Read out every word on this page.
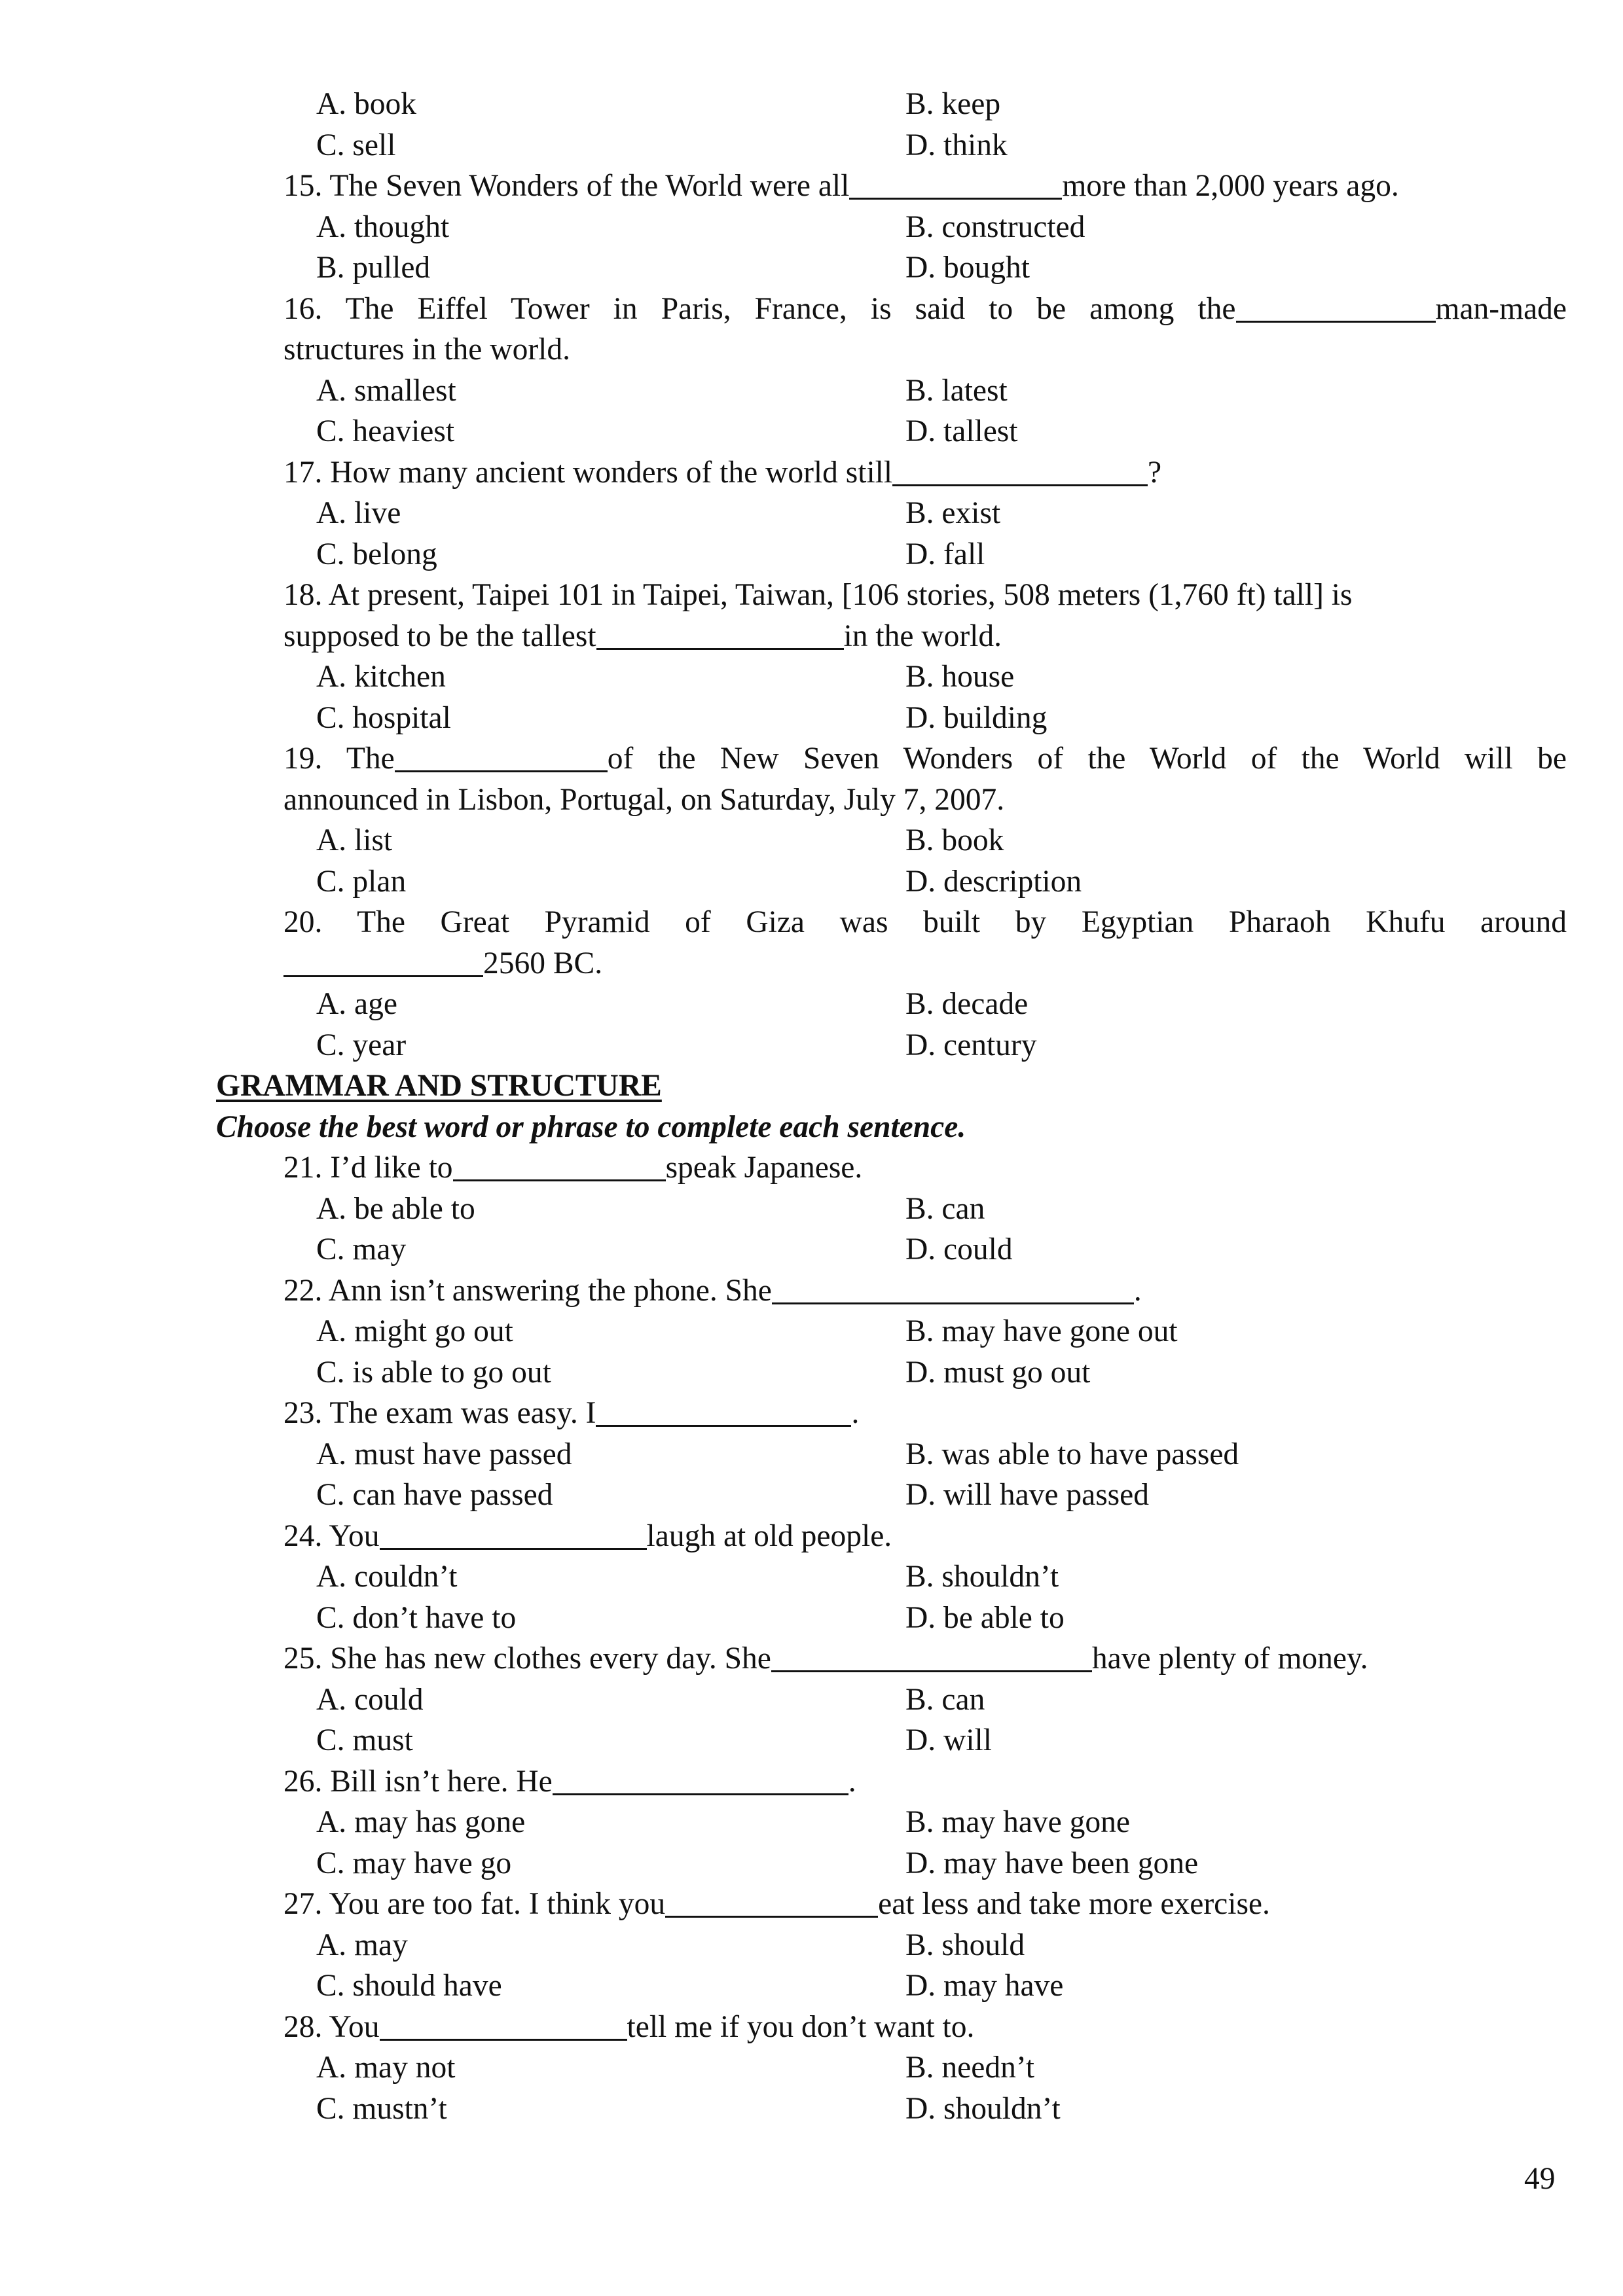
A. book	B. keep
C. sell	D. think
15. The Seven Wonders of the World were all	more than 2,000 years ago.
A. thought	B. constructed
B. pulled	D. bought
16. The Eiffel Tower in Paris, France, is said to be among the	man-made
structures in the world.
A. smallest	B. latest
C. heaviest	D. tallest
17. How many ancient wonders of the world still	?
A. live	B. exist
C. belong	D. fall
18. At present, Taipei 101 in Taipei, Taiwan, [106 stories, 508 meters (1,760 ft) tall] is
supposed to be the tallest	in the world.
A. kitchen	B. house
C. hospital	D. building
19. The	of the New Seven Wonders of the World of the World will be
announced in Lisbon, Portugal, on Saturday, July 7, 2007.
A. list	B. book
C. plan	D. description
20. The Great Pyramid of Giza was built by Egyptian Pharaoh Khufu around
2560 BC.
A. age	B. decade
C. year	D. century
GRAMMAR AND STRUCTURE
Choose the best word or phrase to complete each sentence.
21. I’d like to	speak Japanese.
A. be able to	B. can
C. may	D. could
22. Ann isn’t answering the phone. She	.
A. might go out	B. may have gone out
C. is able to go out	D. must go out
23. The exam was easy. I	.
A. must have passed	B. was able to have passed
C. can have passed	D. will have passed
24. You	laugh at old people.
A. couldn’t	B. shouldn’t
C. don’t have to	D. be able to
25. She has new clothes every day. She	have plenty of money.
A. could	B. can
C. must	D. will
26. Bill isn’t here. He	.
A. may has gone	B. may have gone
C. may have go	D. may have been gone
27. You are too fat. I think you	eat less and take more exercise.
A. may	B. should
C. should have	D. may have
28. You	tell me if you don’t want to.
A. may not	B. needn’t
C. mustn’t	D. shouldn’t
49
